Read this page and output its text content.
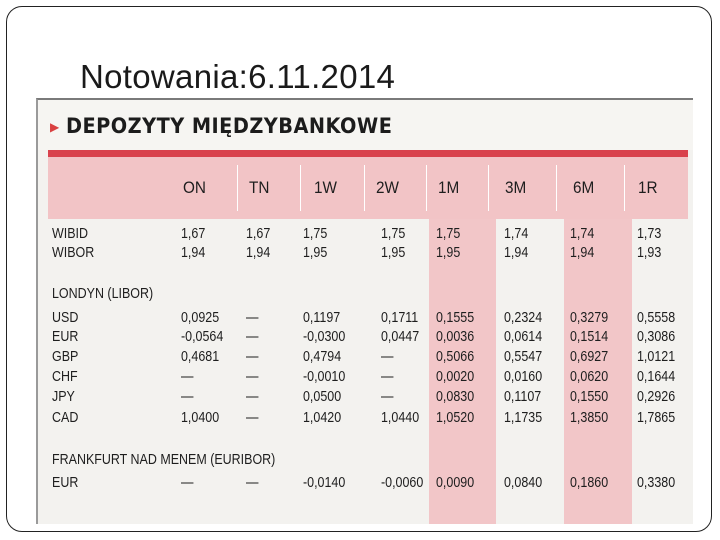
Notowania:6.11.2014
▶ DEPOZYTY MIĘDZYBANKOWE
ON	TN	1W 2W 1M	3M	6M	1R
WIBID	1,67	1,67 1,75	1,75 1,75	1,74	1,74	1,73
WIBOR	1,94	1,94 1,95	1,95 1,95	1,94	1,94	1,93
LONDYN (LIBOR)
USD	0,0925 —	0,1197	0,1711 0,1555 0,2324 0,3279 0,5558
EUR	-0,0564 —	-0,0300 0,0447 0,0036 0,0614 0,1514 0,3086
GBP	0,4681 —	0,4794	—	0,5066 0,5547 0,6927 1,0121
CHF	—	—	-0,0010 —	0,0020 0,0160 0,0620 0,1644
JPY	—	—	0,0500	—	0,0830 0,1107 0,1550 0,2926
CAD	1,0400 —	1,0420	1,0440 1,0520 1,1735 1,3850 1,7865
FRANKFURT NAD MENEM (EURIBOR)
EUR	—	—	-0,0140 -0,0060 0,0090 0,0840 0,1860 0,3380
